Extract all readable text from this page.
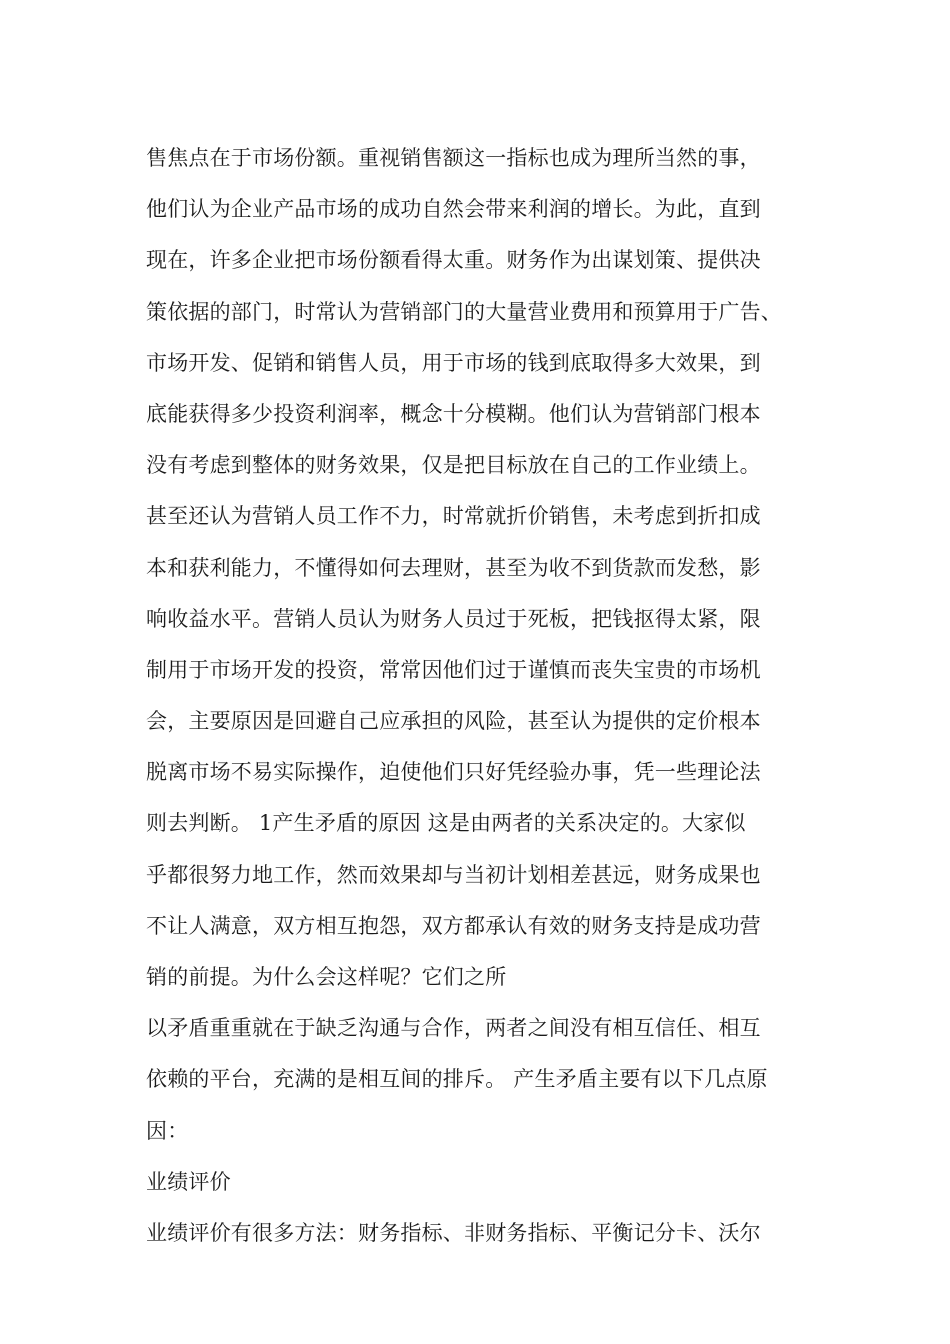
售焦点在于市场份额。重视销售额这一指标也成为理所当然的事，
他们认为企业产品市场的成功自然会带来利润的增长。为此，直到
现在，许多企业把市场份额看得太重。财务作为出谋划策、提供决
策依据的部门，时常认为营销部门的大量营业费用和预算用于广告、
市场开发、促销和销售人员，用于市场的钱到底取得多大效果，到
底能获得多少投资利润率，概念十分模糊。他们认为营销部门根本
没有考虑到整体的财务效果，仅是把目标放在自己的工作业绩上。
甚至还认为营销人员工作不力，时常就折价销售，未考虑到折扣成
本和获利能力，不懂得如何去理财，甚至为收不到货款而发愁，影
响收益水平。营销人员认为财务人员过于死板，把钱抠得太紧，限
制用于市场开发的投资，常常因他们过于谨慎而丧失宝贵的市场机
会，主要原因是回避自己应承担的风险，甚至认为提供的定价根本
脱离市场不易实际操作，迫使他们只好凭经验办事，凭一些理论法
则去判断。 1产生矛盾的原因 这是由两者的关系决定的。大家似
乎都很努力地工作，然而效果却与当初计划相差甚远，财务成果也
不让人满意，双方相互抱怨，双方都承认有效的财务支持是成功营
销的前提。为什么会这样呢？它们之所
以矛盾重重就在于缺乏沟通与合作，两者之间没有相互信任、相互
依赖的平台，充满的是相互间的排斥。 产生矛盾主要有以下几点原
因：
业绩评价
业绩评价有很多方法：财务指标、非财务指标、平衡记分卡、沃尔
